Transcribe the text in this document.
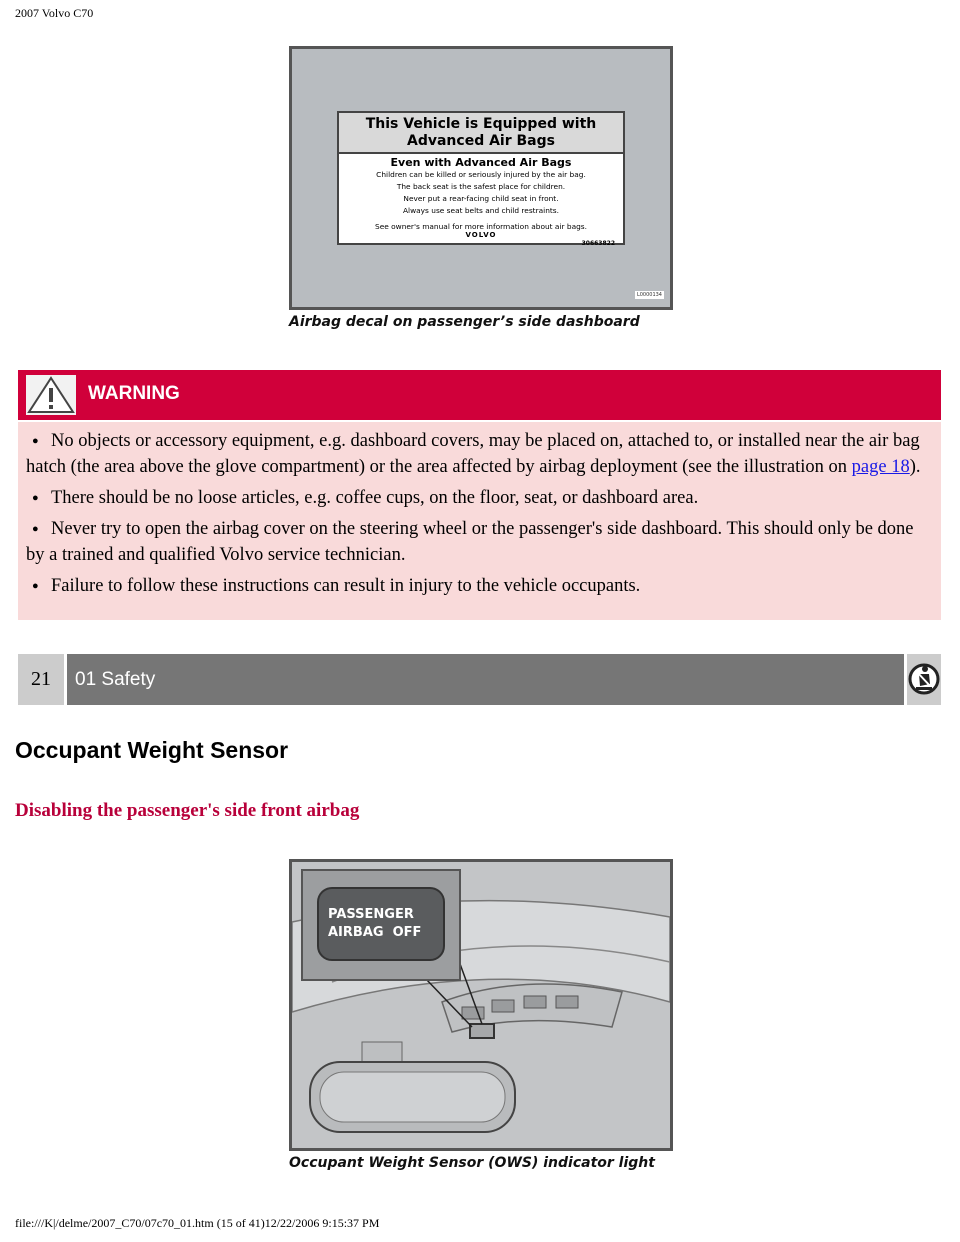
2007 Volvo C70
This Vehicle is Equipped with
Advanced Air Bags
Even with Advanced Air Bags
Children can be killed or seriously injured by the air bag.
The back seat is the safest place for children.
Never put a rear-facing child seat in front.
Always use seat belts and child restraints.
See owner's manual for more information about air bags.
VOLVO
30663822
L0000134
Airbag decal on passenger’s side dashboard
WARNING

● No objects or accessory equipment, e.g. dashboard covers, may be placed on, attached to, or installed near the air bag hatch (the area above the glove compartment) or the area affected by airbag deployment (see the illustration on page 18).

● There should be no loose articles, e.g. coffee cups, on the floor, seat, or dashboard area.

● Never try to open the airbag cover on the steering wheel or the passenger's side dashboard. This should only be done by a trained and qualified Volvo service technician.

● Failure to follow these instructions can result in injury to the vehicle occupants.

21	01 Safety
Occupant Weight Sensor
Disabling the passenger's side front airbag
PASSENGER
AIRBAG OFF
Occupant Weight Sensor (OWS) indicator light
file:///K|/delme/2007_C70/07c70_01.htm (15 of 41)12/22/2006 9:15:37 PM
